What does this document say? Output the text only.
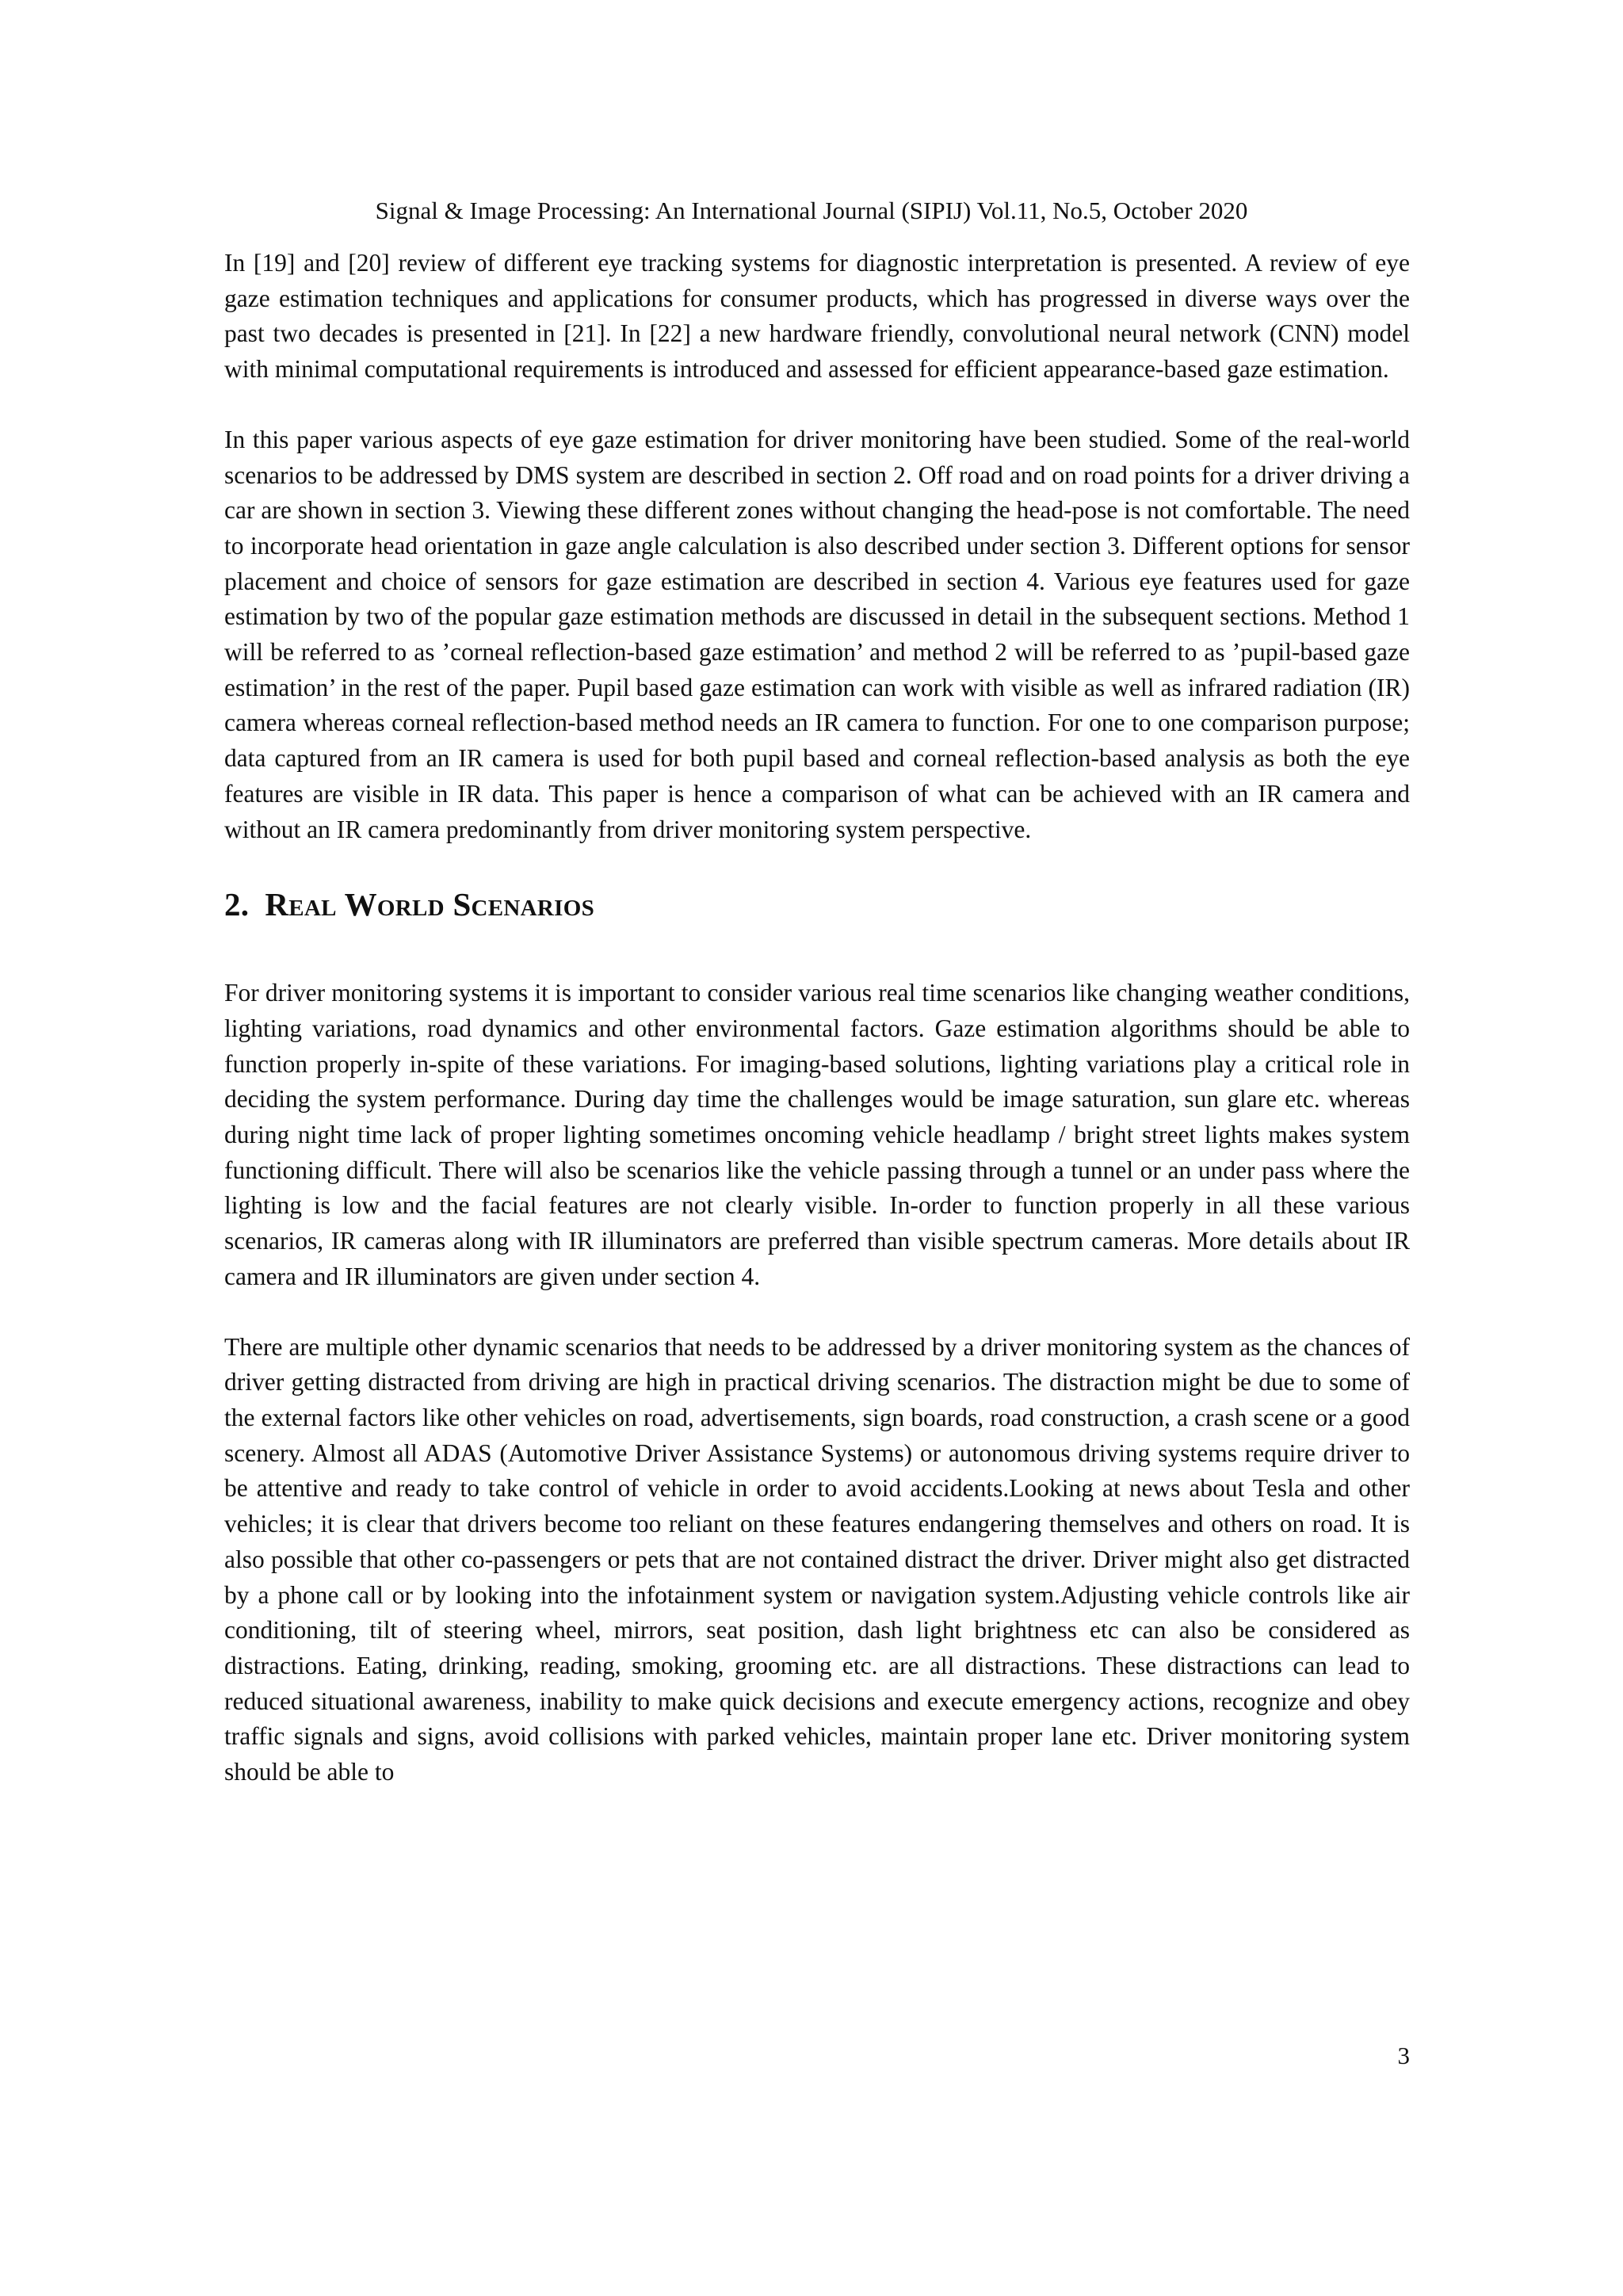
Signal & Image Processing: An International Journal (SIPIJ) Vol.11, No.5, October 2020

In [19] and [20] review of different eye tracking systems for diagnostic interpretation is presented. A review of eye gaze estimation techniques and applications for consumer products, which has progressed in diverse ways over the past two decades is presented in [21]. In [22] a new hardware friendly, convolutional neural network (CNN) model with minimal computational requirements is introduced and assessed for efficient appearance-based gaze estimation.

In this paper various aspects of eye gaze estimation for driver monitoring have been studied. Some of the real-world scenarios to be addressed by DMS system are described in section 2. Off road and on road points for a driver driving a car are shown in section 3. Viewing these different zones without changing the head-pose is not comfortable. The need to incorporate head orientation in gaze angle calculation is also described under section 3. Different options for sensor placement and choice of sensors for gaze estimation are described in section 4. Various eye features used for gaze estimation by two of the popular gaze estimation methods are discussed in detail in the subsequent sections. Method 1 will be referred to as ’corneal reflection-based gaze estimation’ and method 2 will be referred to as ’pupil-based gaze estimation’ in the rest of the paper. Pupil based gaze estimation can work with visible as well as infrared radiation (IR) camera whereas corneal reflection-based method needs an IR camera to function. For one to one comparison purpose; data captured from an IR camera is used for both pupil based and corneal reflection-based analysis as both the eye features are visible in IR data. This paper is hence a comparison of what can be achieved with an IR camera and without an IR camera predominantly from driver monitoring system perspective.

2. Real World Scenarios

For driver monitoring systems it is important to consider various real time scenarios like changing weather conditions, lighting variations, road dynamics and other environmental factors. Gaze estimation algorithms should be able to function properly in-spite of these variations. For imaging-based solutions, lighting variations play a critical role in deciding the system performance. During day time the challenges would be image saturation, sun glare etc. whereas during night time lack of proper lighting sometimes oncoming vehicle headlamp / bright street lights makes system functioning difficult. There will also be scenarios like the vehicle passing through a tunnel or an under pass where the lighting is low and the facial features are not clearly visible. In-order to function properly in all these various scenarios, IR cameras along with IR illuminators are preferred than visible spectrum cameras. More details about IR camera and IR illuminators are given under section 4.

There are multiple other dynamic scenarios that needs to be addressed by a driver monitoring system as the chances of driver getting distracted from driving are high in practical driving scenarios. The distraction might be due to some of the external factors like other vehicles on road, advertisements, sign boards, road construction, a crash scene or a good scenery. Almost all ADAS (Automotive Driver Assistance Systems) or autonomous driving systems require driver to be attentive and ready to take control of vehicle in order to avoid accidents.Looking at news about Tesla and other vehicles; it is clear that drivers become too reliant on these features endangering themselves and others on road. It is also possible that other co-passengers or pets that are not contained distract the driver. Driver might also get distracted by a phone call or by looking into the infotainment system or navigation system.Adjusting vehicle controls like air conditioning, tilt of steering wheel, mirrors, seat position, dash light brightness etc can also be considered as distractions. Eating, drinking, reading, smoking, grooming etc. are all distractions. These distractions can lead to reduced situational awareness, inability to make quick decisions and execute emergency actions, recognize and obey traffic signals and signs, avoid collisions with parked vehicles, maintain proper lane etc. Driver monitoring system should be able to

3
